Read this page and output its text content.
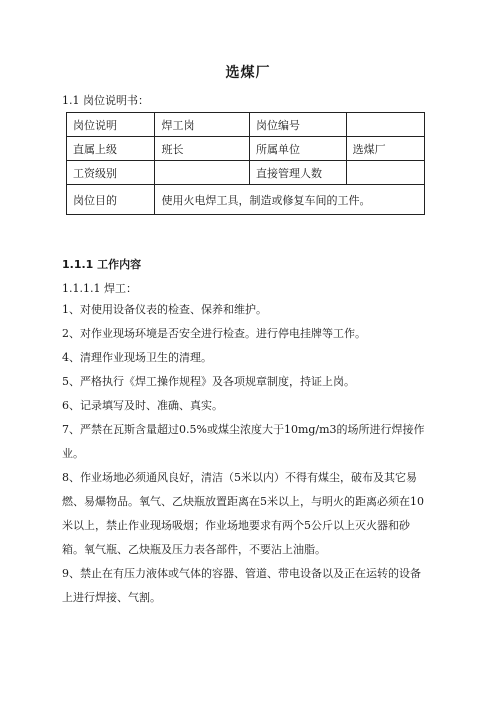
选煤厂
1.1 岗位说明书：
岗位说明	焊工岗	岗位编号	
直属上级	班长	所属单位	选煤厂
工资级别		直接管理人数	
岗位目的	使用火电焊工具，制造或修复车间的工件。		
1.1.1 工作内容
1.1.1.1 焊工：

1、对使用设备仪表的检查、保养和维护。

2、对作业现场环境是否安全进行检查。进行停电挂牌等工作。

4、清理作业现场卫生的清理。

5、严格执行《焊工操作规程》及各项规章制度，持证上岗。

6、记录填写及时、准确、真实。

7、严禁在瓦斯含量超过0.5%或煤尘浓度大于10mg/m3的场所进行焊接作业。

8、作业场地必须通风良好，清洁（5米以内）不得有煤尘，破布及其它易燃、易爆物品。氧气、乙炔瓶放置距离在5米以上，与明火的距离必须在10米以上，禁止作业现场吸烟；作业场地要求有两个5公斤以上灭火器和砂箱。氧气瓶、乙炔瓶及压力表各部件，不要沾上油脂。

9、禁止在有压力液体或气体的容器、管道、带电设备以及正在运转的设备上进行焊接、气割。
